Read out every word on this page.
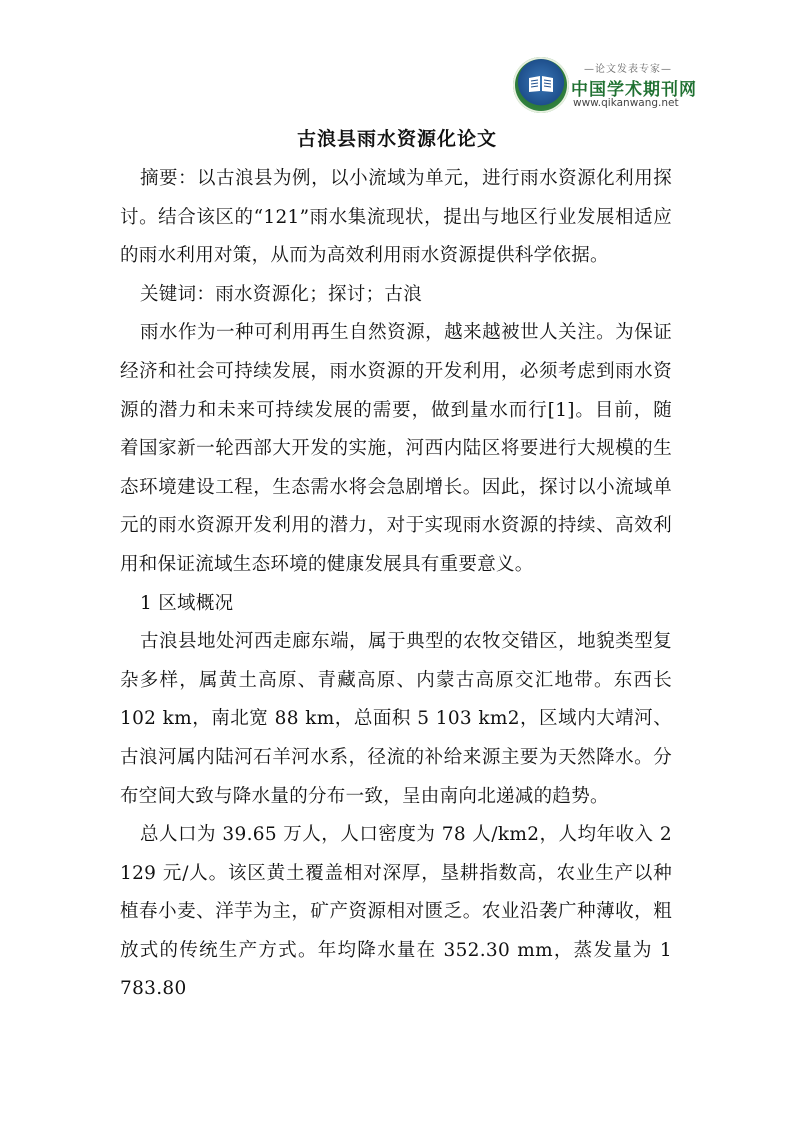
—论文发表专家—
中国学术期刊网
www.qikanwang.net
古浪县雨水资源化论文

摘要：以古浪县为例，以小流域为单元，进行雨水资源化利用探讨。结合该区的“121”雨水集流现状，提出与地区行业发展相适应的雨水利用对策，从而为高效利用雨水资源提供科学依据。

关键词：雨水资源化；探讨；古浪

雨水作为一种可利用再生自然资源，越来越被世人关注。为保证经济和社会可持续发展，雨水资源的开发利用，必须考虑到雨水资源的潜力和未来可持续发展的需要，做到量水而行[1]。目前，随着国家新一轮西部大开发的实施，河西内陆区将要进行大规模的生态环境建设工程，生态需水将会急剧增长。因此，探讨以小流域单元的雨水资源开发利用的潜力，对于实现雨水资源的持续、高效利用和保证流域生态环境的健康发展具有重要意义。

1 区域概况

古浪县地处河西走廊东端，属于典型的农牧交错区，地貌类型复杂多样，属黄土高原、青藏高原、内蒙古高原交汇地带。东西长 102 km，南北宽 88 km，总面积 5 103 km2，区域内大靖河、古浪河属内陆河石羊河水系，径流的补给来源主要为天然降水。分布空间大致与降水量的分布一致，呈由南向北递减的趋势。

总人口为 39.65 万人，人口密度为 78 人/km2，人均年收入 2 129 元/人。该区黄土覆盖相对深厚，垦耕指数高，农业生产以种植春小麦、洋芋为主，矿产资源相对匮乏。农业沿袭广种薄收，粗放式的传统生产方式。年均降水量在 352.30 mm，蒸发量为 1 783.80
